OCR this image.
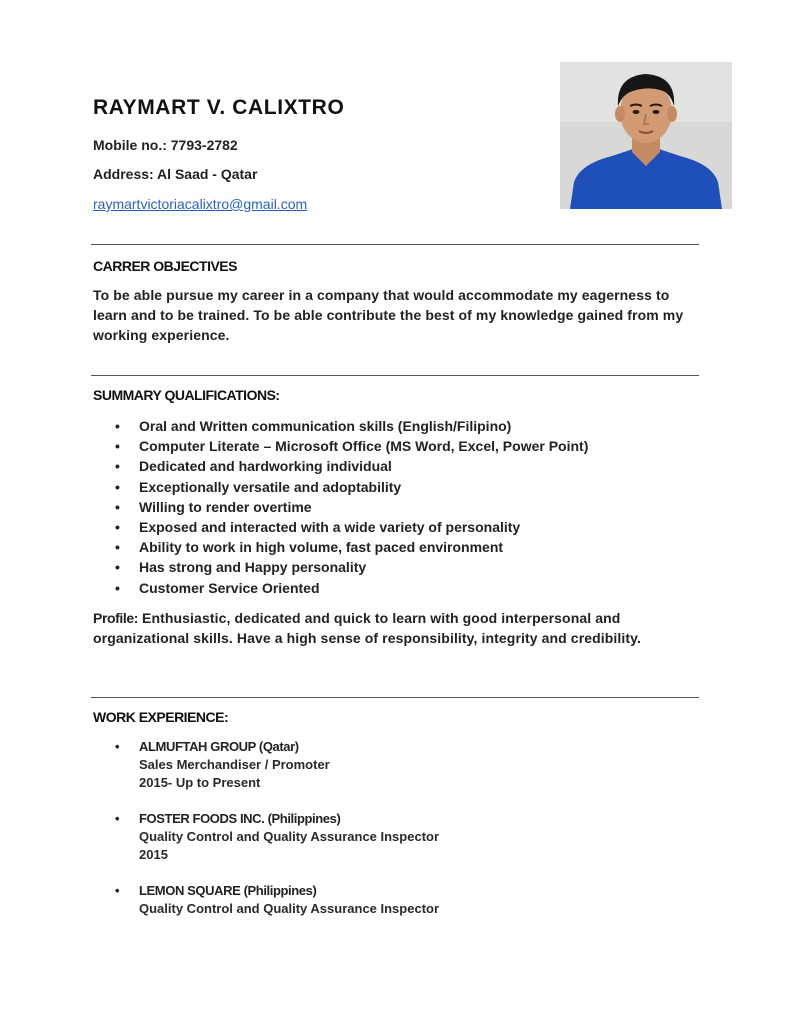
RAYMART V. CALIXTRO
Mobile no.: 7793-2782
Address: Al Saad - Qatar
raymartvictoriacalixtro@gmail.com
CARRER OBJECTIVES
To be able pursue my career in a company that would accommodate my eagerness to learn and to be trained. To be able contribute the best of my knowledge gained from my working experience.
SUMMARY QUALIFICATIONS:
• Oral and Written communication skills (English/Filipino)
• Computer Literate – Microsoft Office (MS Word, Excel, Power Point)
• Dedicated and hardworking individual
• Exceptionally versatile and adoptability
• Willing to render overtime
• Exposed and interacted with a wide variety of personality
• Ability to work in high volume, fast paced environment
• Has strong and Happy personality
• Customer Service Oriented
Profile: Enthusiastic, dedicated and quick to learn with good interpersonal and organizational skills. Have a high sense of responsibility, integrity and credibility.
WORK EXPERIENCE:
• ALMUFTAH GROUP (Qatar)
Sales Merchandiser / Promoter
2015- Up to Present
• FOSTER FOODS INC. (Philippines)
Quality Control and Quality Assurance Inspector
2015
• LEMON SQUARE (Philippines)
Quality Control and Quality Assurance Inspector
